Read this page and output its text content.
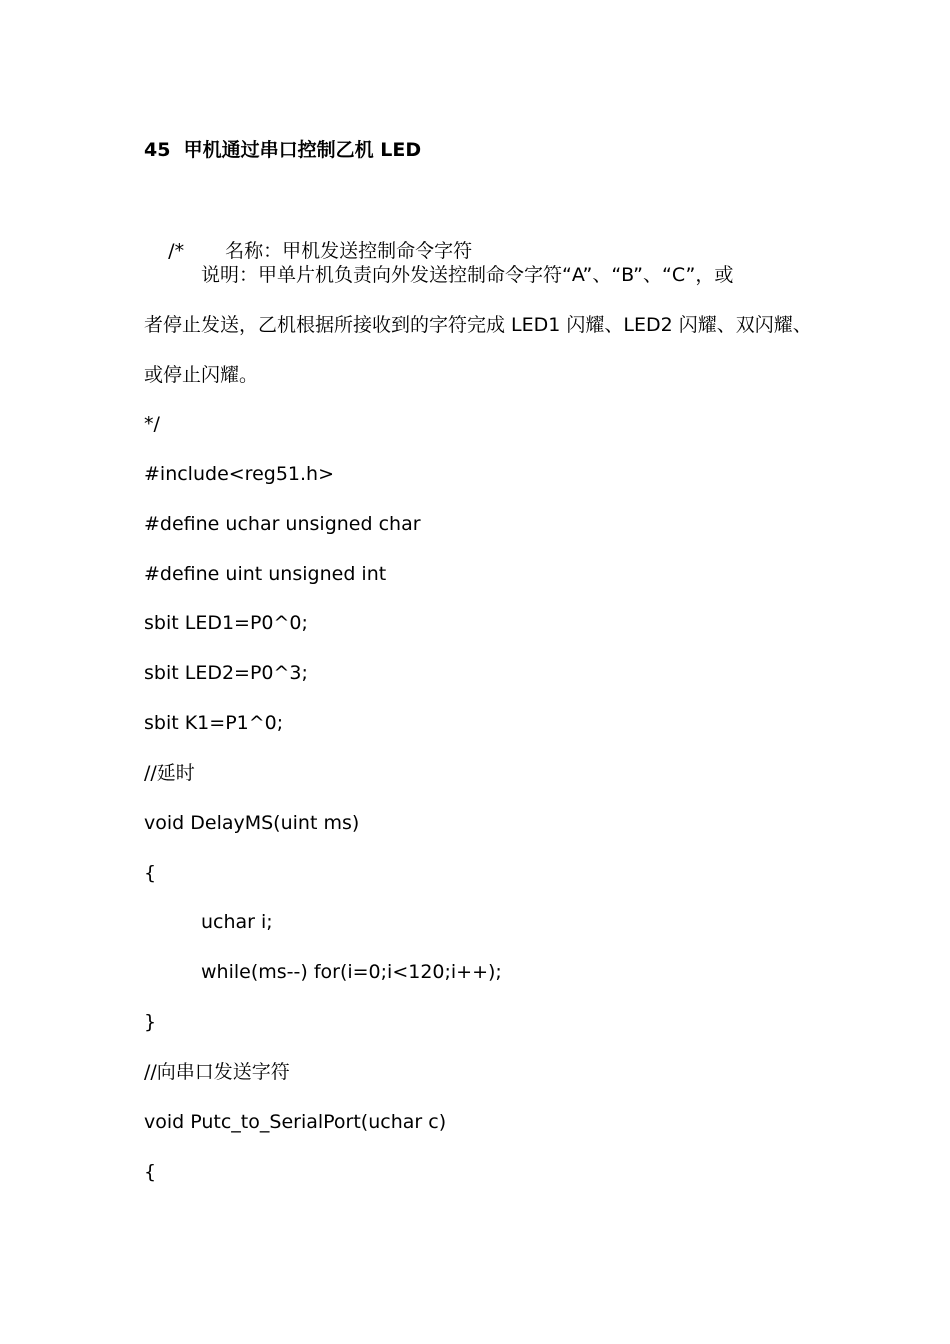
45  甲机通过串口控制乙机 LED

/* 名称：甲机发送控制命令字符

说明：甲单片机负责向外发送控制命令字符“A”、“B”、“C”，或
者停止发送，乙机根据所接收到的字符完成 LED1 闪耀、LED2 闪耀、双闪耀、
或停止闪耀。
*/
#include<reg51.h>
#define uchar unsigned char
#define uint unsigned int
sbit LED1=P0^0;
sbit LED2=P0^3;
sbit K1=P1^0;
//延时
void DelayMS(uint ms)
{
uchar i;
while(ms--) for(i=0;i<120;i++);
}
//向串口发送字符
void Putc_to_SerialPort(uchar c)
{
